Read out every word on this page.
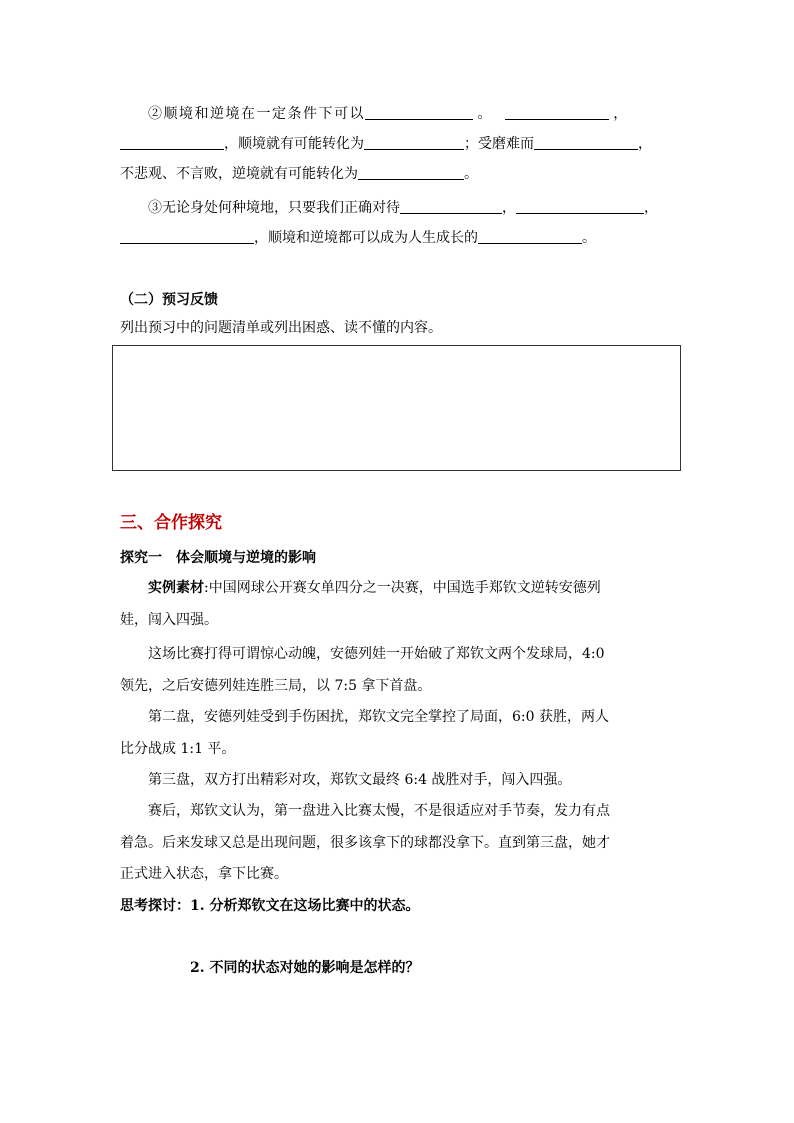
②顺境和逆境在一定条件下可以	。	，
，顺境就有可能转化为	；受磨难而	，
不悲观、不言败，逆境就有可能转化为	。
③无论身处何种境地，只要我们正确对待	，	，
，顺境和逆境都可以成为人生成长的	。
（二）预习反馈
列出预习中的问题清单或列出困惑、读不懂的内容。
三、合作探究
探究一　体会顺境与逆境的影响
实例素材:中国网球公开赛女单四分之一决赛，中国选手郑钦文逆转安德列
娃，闯入四强。
这场比赛打得可谓惊心动魄，安德列娃一开始破了郑钦文两个发球局，4:0
领先，之后安德列娃连胜三局，以 7:5 拿下首盘。
第二盘，安德列娃受到手伤困扰，郑钦文完全掌控了局面，6:0 获胜，两人
比分战成 1:1 平。
第三盘，双方打出精彩对攻，郑钦文最终 6:4 战胜对手，闯入四强。
赛后，郑钦文认为，第一盘进入比赛太慢，不是很适应对手节奏，发力有点
着急。后来发球又总是出现问题，很多该拿下的球都没拿下。直到第三盘，她才
正式进入状态，拿下比赛。
思考探讨：1. 分析郑钦文在这场比赛中的状态。
2. 不同的状态对她的影响是怎样的？
